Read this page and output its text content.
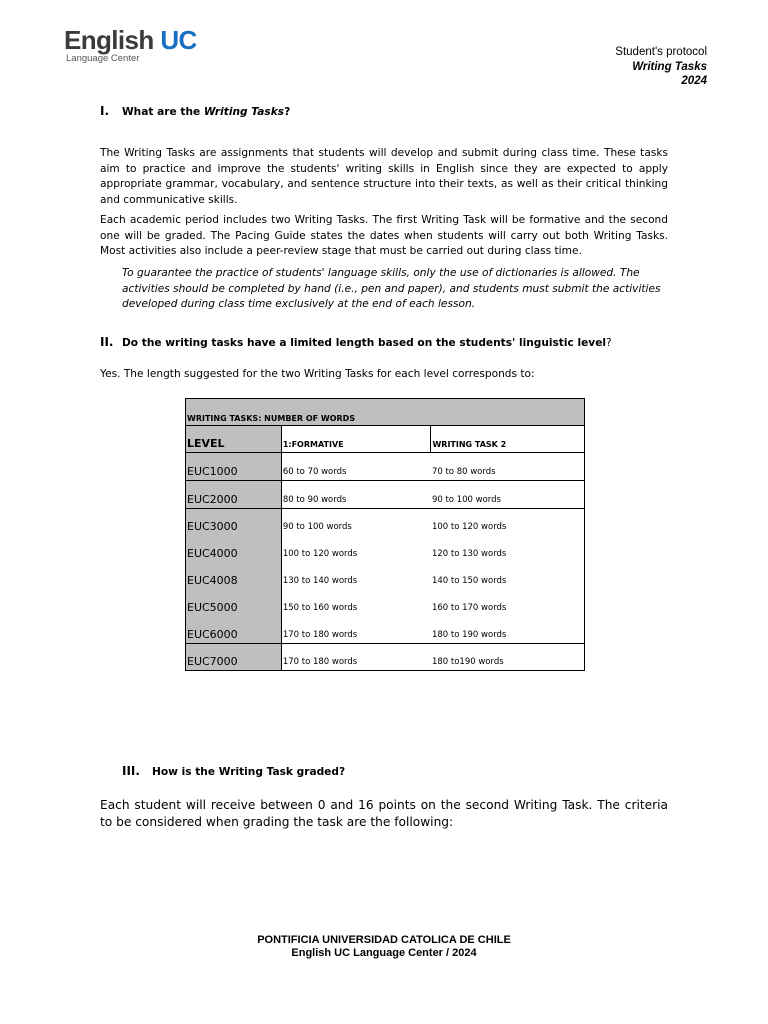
English UC
Language Center
Student's protocol
Writing Tasks
2024
I. What are the Writing Tasks?

The Writing Tasks are assignments that students will develop and submit during class time. These tasks aim to practice and improve the students' writing skills in English since they are expected to apply appropriate grammar, vocabulary, and sentence structure into their texts, as well as their critical thinking and communicative skills.

Each academic period includes two Writing Tasks. The first Writing Task will be formative and the second one will be graded. The Pacing Guide states the dates when students will carry out both Writing Tasks. Most activities also include a peer-review stage that must be carried out during class time.

To guarantee the practice of students' language skills, only the use of dictionaries is allowed. The activities should be completed by hand (i.e., pen and paper), and students must submit the activities developed during class time exclusively at the end of each lesson.

II. Do the writing tasks have a limited length based on the students' linguistic level?
Yes. The length suggested for the two Writing Tasks for each level corresponds to:
WRITING TASKS: NUMBER OF WORDS		
LEVEL	1:FORMATIVE	WRITING TASK 2
EUC1000	60 to 70 words	70 to 80 words
EUC2000	80 to 90 words	90 to 100 words
EUC3000	90 to 100 words	100 to 120 words
EUC4000	100 to 120 words	120 to 130 words
EUC4008	130 to 140 words	140 to 150 words
EUC5000	150 to 160 words	160 to 170 words
EUC6000	170 to 180 words	180 to 190 words
EUC7000	170 to 180 words	180 to190 words
III. How is the Writing Task graded?

Each student will receive between 0 and 16 points on the second Writing Task. The criteria to be considered when grading the task are the following:

PONTIFICIA UNIVERSIDAD CATOLICA DE CHILE
English UC Language Center / 2024
